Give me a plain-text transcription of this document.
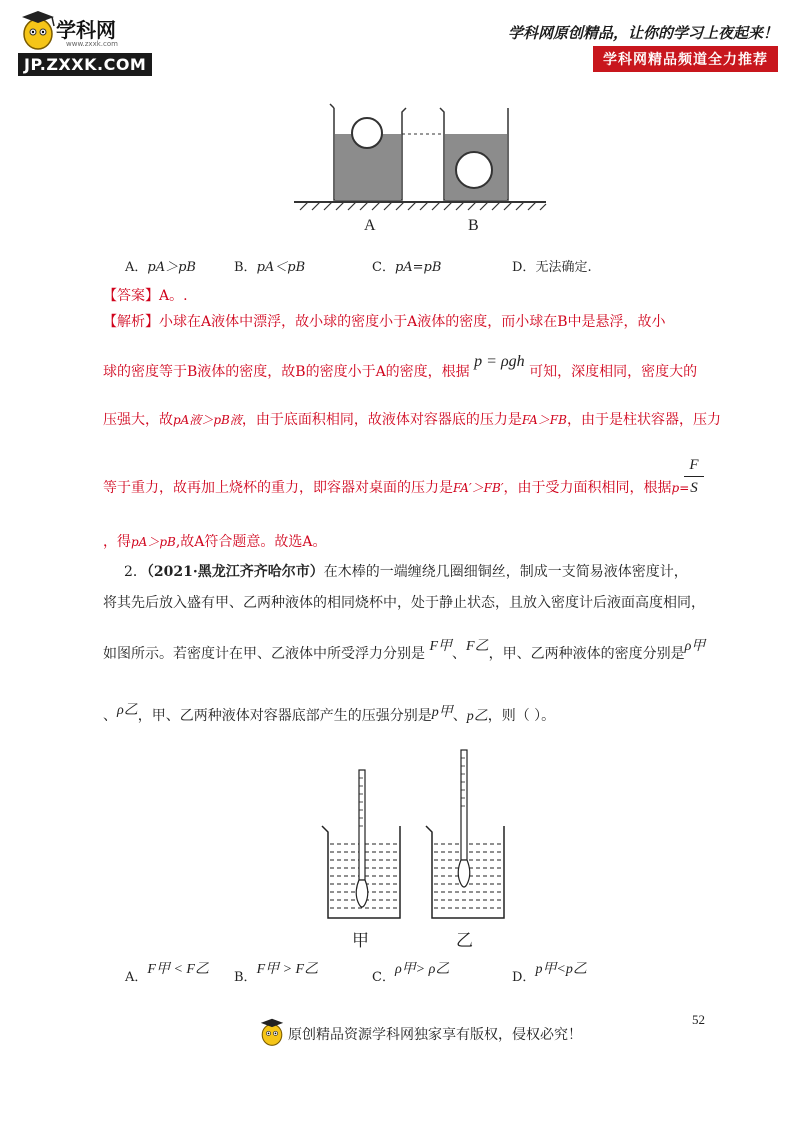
学科网
www.zxxk.com
JP.ZXXK.COM
学科网原创精品，让你的学习上夜起来！
学科网精品频道全力推荐
A	B
A．pA＞pB	B．pA＜pB	C．pA=pB	D．无法确定.
【答案】A。.
【解析】小球在A液体中漂浮，故小球的密度小于A液体的密度，而小球在B中是悬浮，故小
球的密度等于B液体的密度，故B的密度小于A的密度，根据 p = ρgh 可知，深度相同，密度大的
压强大，故pA液＞pB液，由于底面积相同，故液体对容器底的压力是FA＞FB，由于是柱状容器，压力
等于重力，故再加上烧杯的重力，即容器对桌面的压力是FA′＞FB′，由于受力面积相同，根据p=
F
S
，得pA＞pB,故A符合题意。故选A。
2．（2021·黑龙江齐齐哈尔市）在木棒的一端缠绕几圈细铜丝，制成一支简易液体密度计，
将其先后放入盛有甲、乙两种液体的相同烧杯中，处于静止状态，且放入密度计后液面高度相同，
如图所示。若密度计在甲、乙液体中所受浮力分别是 F甲、F乙，甲、乙两种液体的密度分别是ρ甲
、ρ乙，甲、乙两种液体对容器底部产生的压强分别是p甲、p乙，则（ ）。
甲	乙
A．F甲 < F乙
B．F甲 > F乙
C．ρ甲> ρ乙
D．p甲<p乙
52
原创精品资源学科网独家享有版权，侵权必究！
